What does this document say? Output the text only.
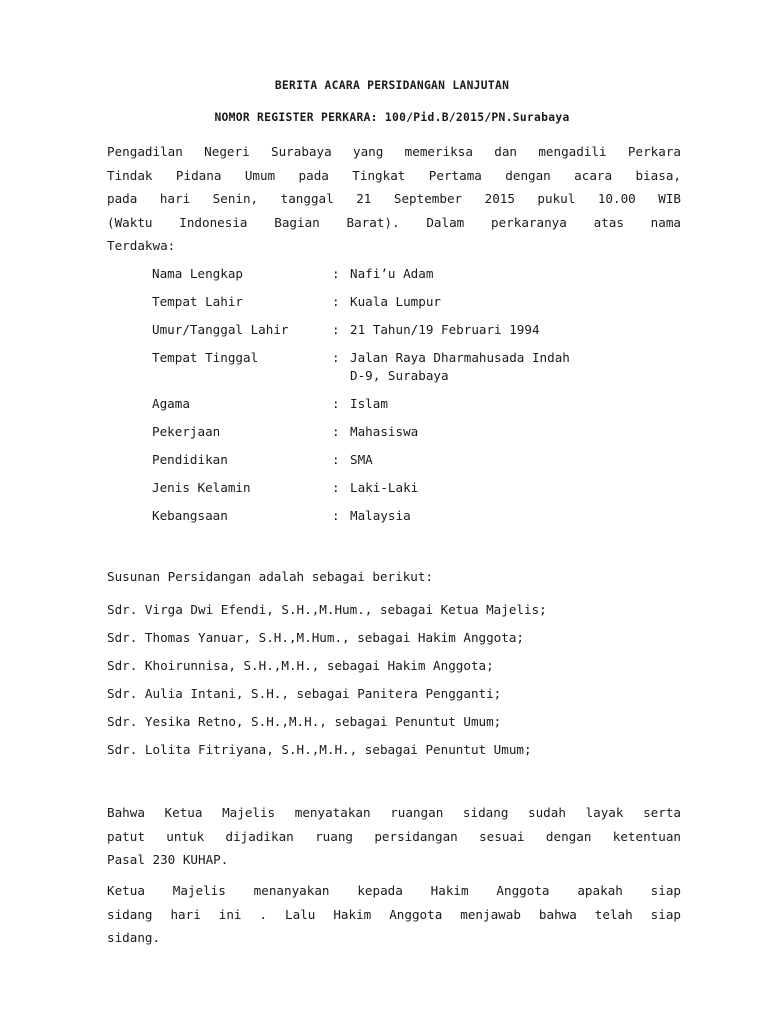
BERITA ACARA PERSIDANGAN LANJUTAN
NOMOR REGISTER PERKARA: 100/Pid.B/2015/PN.Surabaya
Pengadilan Negeri Surabaya yang memeriksa dan mengadili Perkara
Tindak Pidana Umum pada Tingkat Pertama dengan acara biasa,
pada hari Senin, tanggal 21 September 2015 pukul 10.00 WIB
(Waktu Indonesia Bagian Barat). Dalam perkaranya atas nama
Terdakwa:
Nama Lengkap	: Nafi’u Adam
Tempat Lahir	: Kuala Lumpur
Umur/Tanggal Lahir	: 21 Tahun/19 Februari 1994
Tempat Tinggal	: Jalan Raya Dharmahusada Indah
D-9, Surabaya
Agama	: Islam
Pekerjaan	: Mahasiswa
Pendidikan	: SMA
Jenis Kelamin	: Laki-Laki
Kebangsaan	: Malaysia
Susunan Persidangan adalah sebagai berikut:
Sdr. Virga Dwi Efendi, S.H.,M.Hum., sebagai Ketua Majelis;
Sdr. Thomas Yanuar, S.H.,M.Hum., sebagai Hakim Anggota;
Sdr. Khoirunnisa, S.H.,M.H., sebagai Hakim Anggota;
Sdr. Aulia Intani, S.H., sebagai Panitera Pengganti;
Sdr. Yesika Retno, S.H.,M.H., sebagai Penuntut Umum;
Sdr. Lolita Fitriyana, S.H.,M.H., sebagai Penuntut Umum;
Bahwa Ketua Majelis menyatakan ruangan sidang sudah layak serta
patut untuk dijadikan ruang persidangan sesuai dengan ketentuan
Pasal 230 KUHAP.
Ketua Majelis menanyakan kepada Hakim Anggota apakah siap
sidang hari ini . Lalu Hakim Anggota menjawab bahwa telah siap
sidang.
